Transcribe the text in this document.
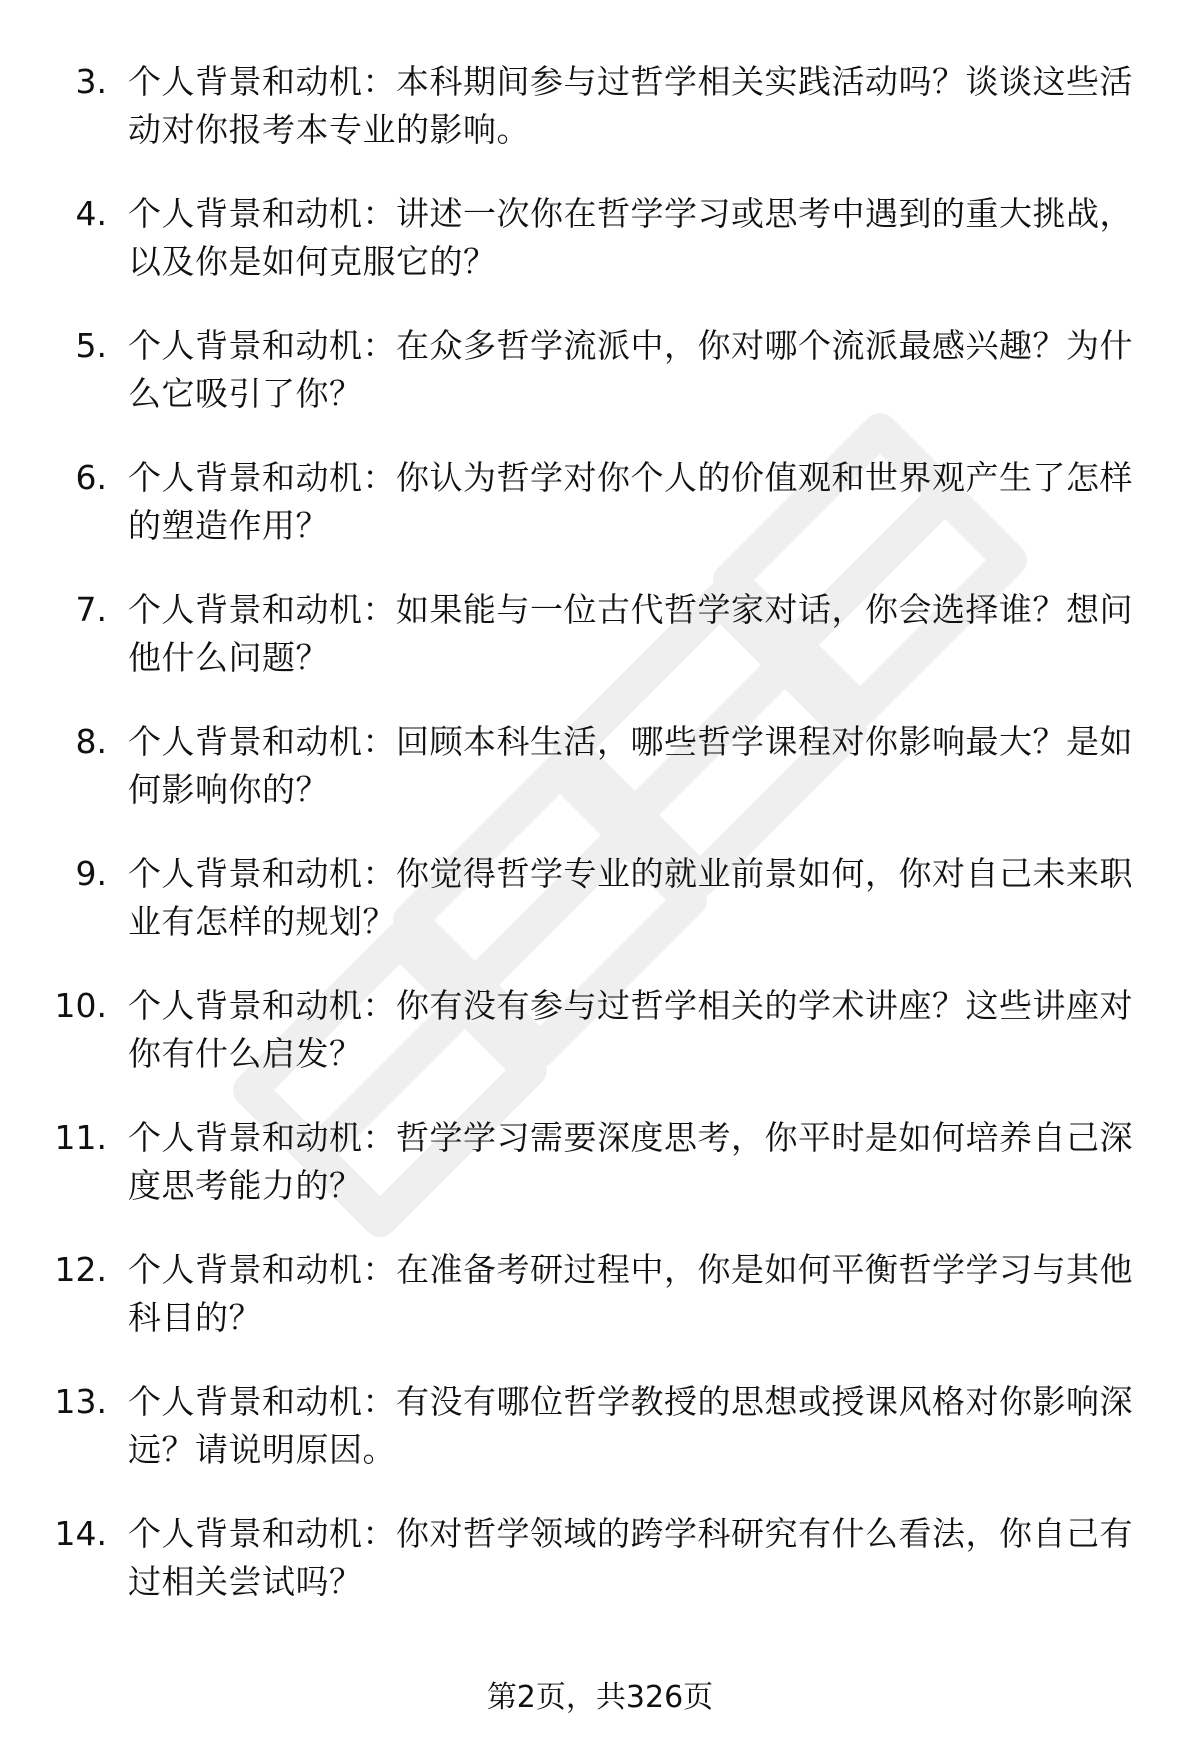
3. 个人背景和动机：本科期间参与过哲学相关实践活动吗？谈谈这些活动对你报考本专业的影响。
4. 个人背景和动机：讲述一次你在哲学学习或思考中遇到的重大挑战，以及你是如何克服它的？
5. 个人背景和动机：在众多哲学流派中，你对哪个流派最感兴趣？为什么它吸引了你？
6. 个人背景和动机：你认为哲学对你个人的价值观和世界观产生了怎样的塑造作用？
7. 个人背景和动机：如果能与一位古代哲学家对话，你会选择谁？想问他什么问题？
8. 个人背景和动机：回顾本科生活，哪些哲学课程对你影响最大？是如何影响你的？
9. 个人背景和动机：你觉得哲学专业的就业前景如何，你对自己未来职业有怎样的规划？
10. 个人背景和动机：你有没有参与过哲学相关的学术讲座？这些讲座对你有什么启发？
11. 个人背景和动机：哲学学习需要深度思考，你平时是如何培养自己深度思考能力的？
12. 个人背景和动机：在准备考研过程中，你是如何平衡哲学学习与其他科目的？
13. 个人背景和动机：有没有哪位哲学教授的思想或授课风格对你影响深远？请说明原因。
14. 个人背景和动机：你对哲学领域的跨学科研究有什么看法，你自己有过相关尝试吗？
第2页，共326页
